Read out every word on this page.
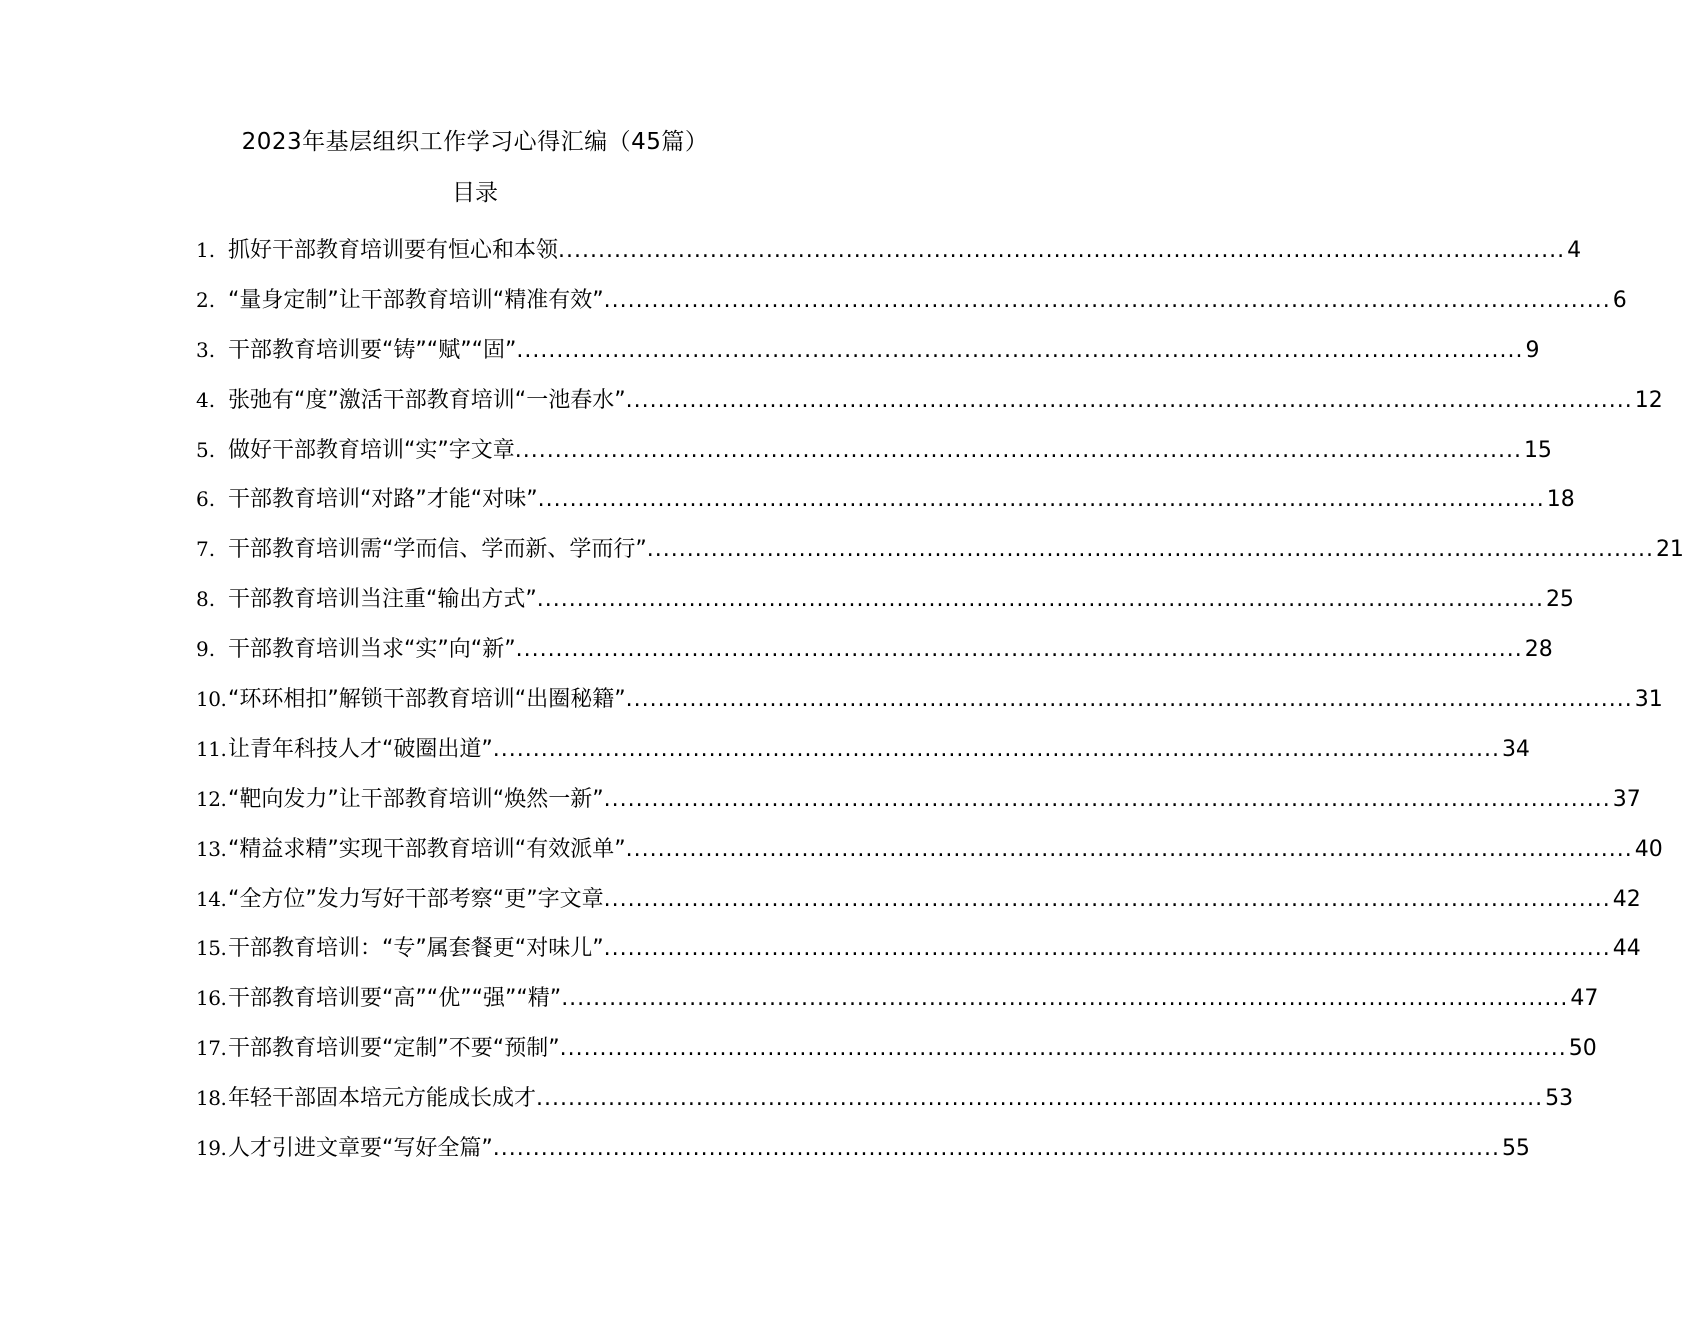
2023年基层组织工作学习心得汇编（45篇）
目录
1. 抓好干部教育培训要有恒心和本领 .....	4
2. “量身定制”让干部教育培训“精准有效” .....	6
3. 干部教育培训要“铸”“赋”“固” .....	9
4. 张弛有“度”激活干部教育培训“一池春水” .....	12
5. 做好干部教育培训“实”字文章 .....	15
6. 干部教育培训“对路”才能“对味” .....	18
7. 干部教育培训需“学而信、学而新、学而行” .....	21
8. 干部教育培训当注重“输出方式” .....	25
9. 干部教育培训当求“实”向“新” .....	28
10. “环环相扣”解锁干部教育培训“出圈秘籍” .....	31
11. 让青年科技人才“破圈出道” .....	34
12. “靶向发力”让干部教育培训“焕然一新” .....	37
13. “精益求精”实现干部教育培训“有效派单” .....	40
14. “全方位”发力写好干部考察“更”字文章 .....	42
15. 干部教育培训：“专”属套餐更“对味儿” .....	44
16. 干部教育培训要“高”“优”“强”“精” .....	47
17. 干部教育培训要“定制”不要“预制” .....	50
18. 年轻干部固本培元方能成长成才 .....	53
19. 人才引进文章要“写好全篇” .....	55
